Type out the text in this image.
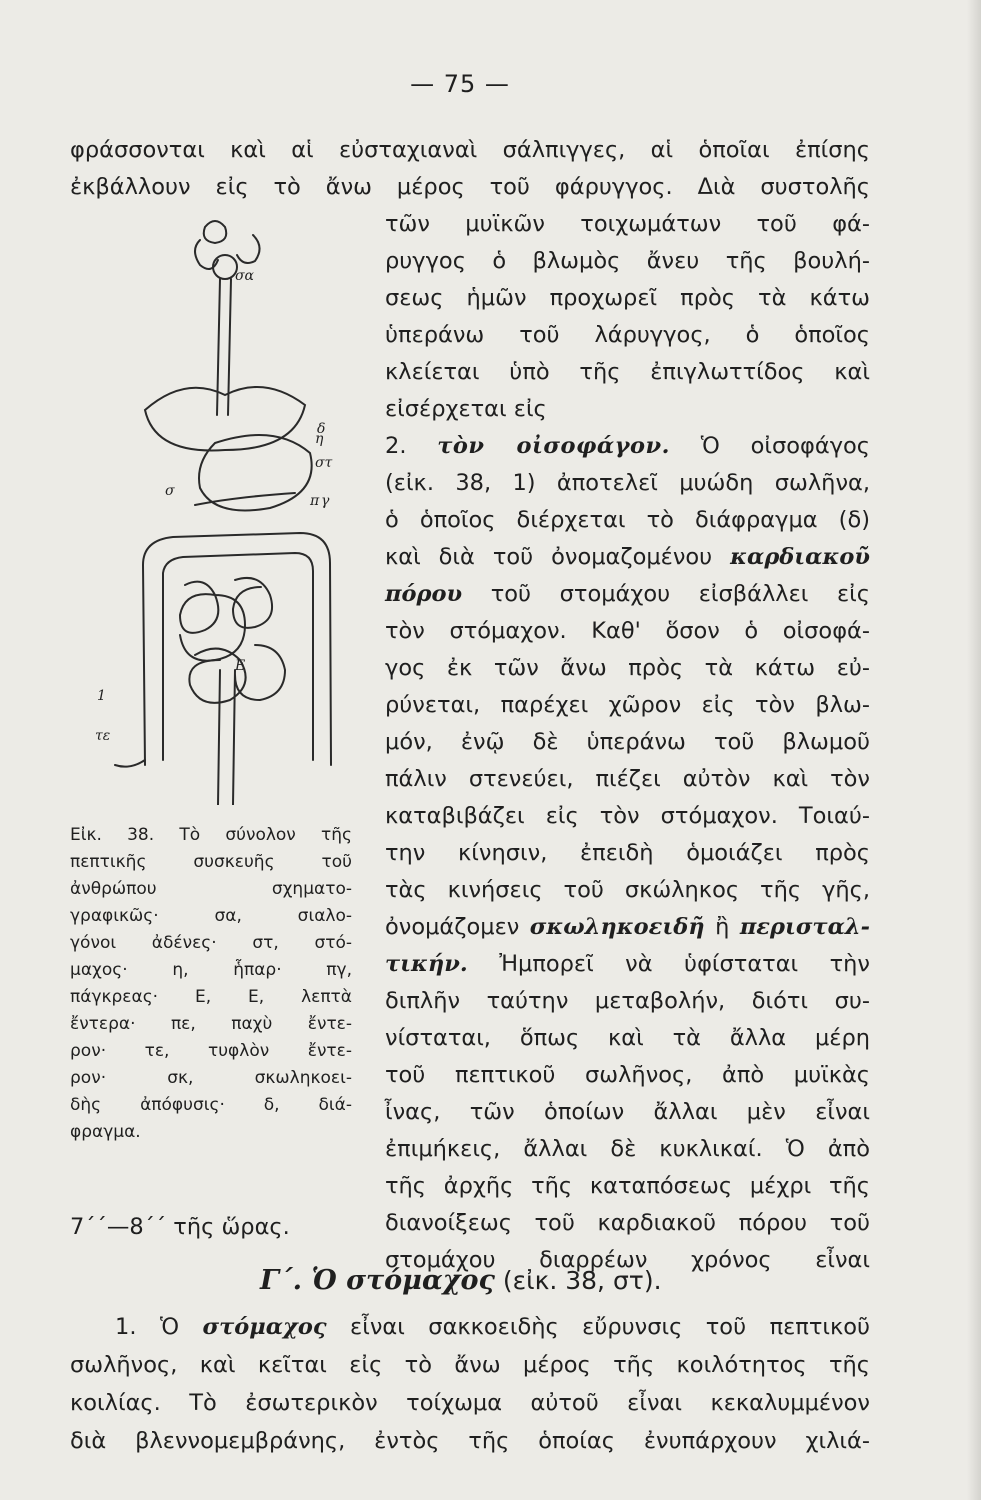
— 75 —
φράσσονται καὶ αἱ εὐσταχιαναὶ σάλπιγγες, αἱ ὁποῖαι ἐπίσης
ἐκβάλλουν εἰς τὸ ἄνω μέρος τοῦ φάρυγγος. Διὰ συστολῆς
σα
στ
σ
η
π γ
Ε
τε
1
δ
τῶν μυϊκῶν τοιχωμάτων τοῦ φά-
ρυγγος ὁ βλωμὸς ἄνευ τῆς βουλή-
σεως ἡμῶν προχωρεῖ πρὸς τὰ κάτω
ὑπεράνω τοῦ λάρυγγος, ὁ ὁποῖος
κλείεται ὑπὸ τῆς ἐπιγλωττίδος καὶ
εἰσέρχεται εἰς
2. τὸν οἰσοφάγον. Ὁ οἰσοφάγος
(εἰκ. 38, 1) ἀποτελεῖ μυώδη σωλῆνα,
ὁ ὁποῖος διέρχεται τὸ διάφραγμα (δ)
καὶ διὰ τοῦ ὀνομαζομένου καρδιακοῦ
πόρου τοῦ στομάχου εἰσβάλλει εἰς
τὸν στόμαχον. Καθ' ὅσον ὁ οἰσοφά-
γος ἐκ τῶν ἄνω πρὸς τὰ κάτω εὐ-
ρύνεται, παρέχει χῶρον εἰς τὸν βλω-
μόν, ἐνῷ δὲ ὑπεράνω τοῦ βλωμοῦ
πάλιν στενεύει, πιέζει αὐτὸν καὶ τὸν
καταβιβάζει εἰς τὸν στόμαχον. Τοιαύ-
την κίνησιν, ἐπειδὴ ὁμοιάζει πρὸς
τὰς κινήσεις τοῦ σκώληκος τῆς γῆς,
ὀνομάζομεν σκωληκοειδῆ ἢ περισταλ-
τικήν. Ἠμπορεῖ νὰ ὑφίσταται τὴν
διπλῆν ταύτην μεταβολήν, διότι συ-
νίσταται, ὅπως καὶ τὰ ἄλλα μέρη
τοῦ πεπτικοῦ σωλῆνος, ἀπὸ μυϊκὰς
ἶνας, τῶν ὁποίων ἄλλαι μὲν εἶναι
ἐπιμήκεις, ἄλλαι δὲ κυκλικαί. Ὁ ἀπὸ
τῆς ἀρχῆς τῆς καταπόσεως μέχρι τῆς
διανοίξεως τοῦ καρδιακοῦ πόρου τοῦ
στομάχου διαρρέων χρόνος εἶναι
Εἰκ. 38. Τὸ σύνολον τῆς
πεπτικῆς συσκευῆς τοῦ
ἀνθρώπου σχηματο-
γραφικῶς· σα, σιαλο-
γόνοι ἀδένες· στ, στό-
μαχος· η, ἧπαρ· πγ,
πάγκρεας· Ε, Ε, λεπτὰ
ἔντερα· πε, παχὺ ἔντε-
ρον· τε, τυφλὸν ἔντε-
ρον· σκ, σκωληκοει-
δὴς ἀπόφυσις· δ, διά-
φραγμα.
7΄΄—8΄΄ τῆς ὥρας.
Γ΄. Ὁ στόμαχος (εἰκ. 38, στ).
1. Ὁ στόμαχος εἶναι σακκοειδὴς εὔρυνσις τοῦ πεπτικοῦ
σωλῆνος, καὶ κεῖται εἰς τὸ ἄνω μέρος τῆς κοιλότητος τῆς
κοιλίας. Τὸ ἐσωτερικὸν τοίχωμα αὐτοῦ εἶναι κεκαλυμμένον
διὰ βλεννομεμβράνης, ἐντὸς τῆς ὁποίας ἐνυπάρχουν χιλιά-
